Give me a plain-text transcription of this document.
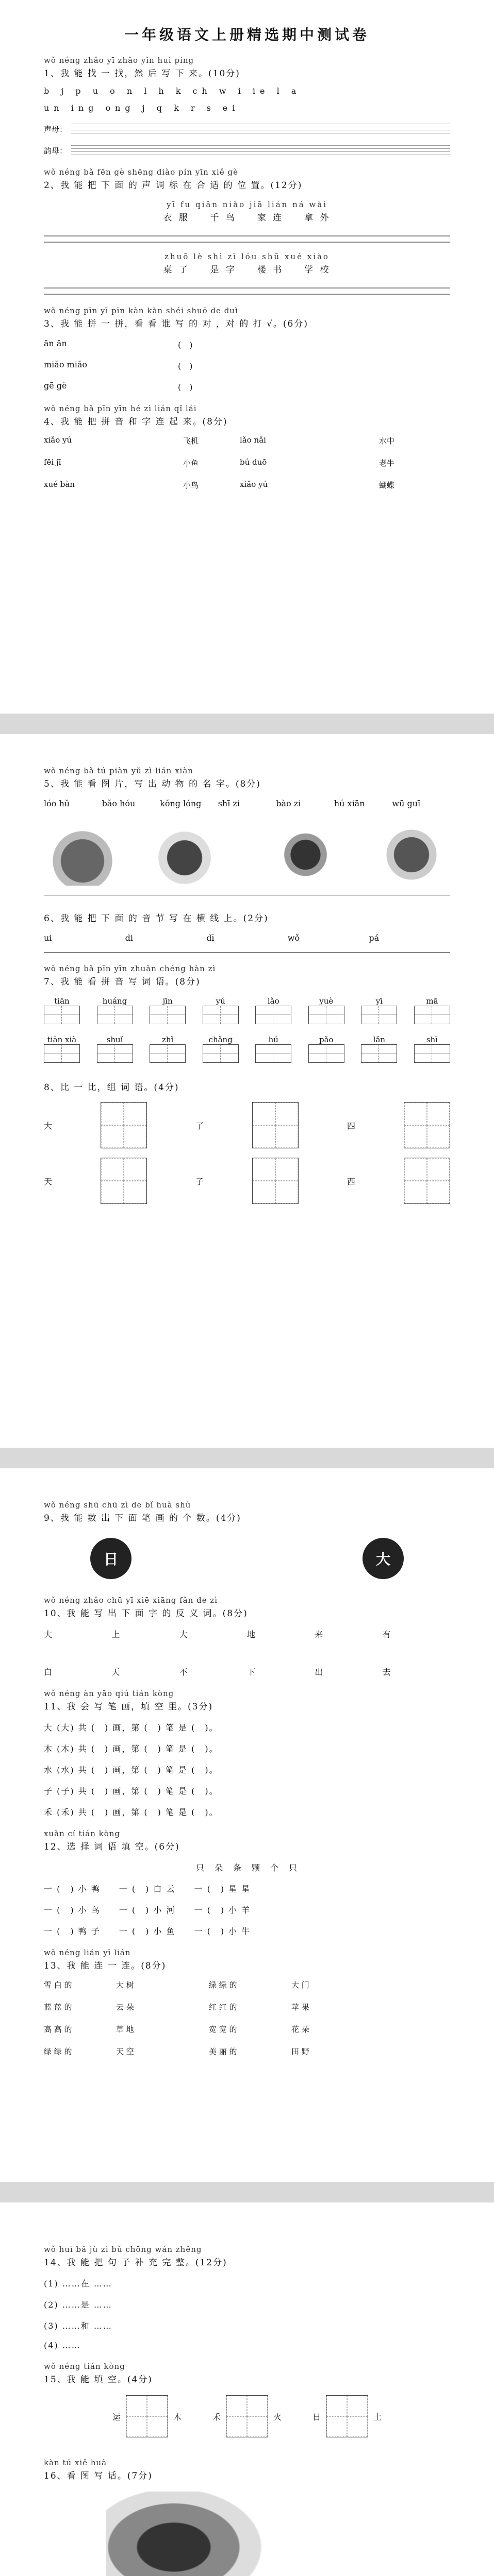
一年级语文上册精选期中测试卷
wǒ néng zhǎo yī zhǎo yǐn huì píng
1、我 能 找 一 找，然 后 写 下 来。(10分)
b j p u o n l h k ch w i ie l a
un ing ong j q k r s ei
声母：
韵母：
wǒ néng bǎ fēn gè shēng diào pín yīn xiě gè
2、我 能 把 下 面 的 声 调 标 在 合 适 的 位 置。(12分)
yī fu qiān niǎo jiā lián ná wài
衣 服 　 千 鸟 　 家 连 　 拿 外
zhuō lè shì zì lóu shū xué xiào
桌 了 　 是 字 　 楼 书 　 学 校
wǒ néng pīn yī pīn kàn kàn shéi shuō de duì
3、我 能 拼 一 拼，看 看 谁 写 的 对 ，对 的 打 √。(6分)
ān ān	(　)
miǎo miǎo	(　)
gē gè	(　)
wǒ néng bǎ pīn yīn hé zì lián qǐ lái
4、我 能 把 拼 音 和 字 连 起 来。(8分)
xiǎo yú	飞机	lǎo nǎi	水中
fēi jī	小鱼	bú duō	老牛
xué bàn	小鸟	xiǎo yú	蝴蝶
wǒ néng bǎ tú piàn yǔ zì lián xiàn
5、我 能 看 图 片，写 出 动 物 的 名 字。(8分)
lóo hǔ	bǎo hóu	kǒng lóng	shī zi	bào zi	hú xiān	wū guī
6、我 能 把 下 面 的 音 节 写 在 横 线 上。(2分)
ui	di	dī	wǒ	pá
wǒ néng bǎ pīn yīn zhuǎn chéng hàn zì
7、我 能 看 拼 音 写 词 语。(8分)
tiān	huáng	jīn	yú	lǎo	yuè	yī	mā
tiān xià	shuǐ	zhǐ	chǎng	hú	pǎo	lǎn	shī
8、比 一 比，组 词 语。(4分)
大	了	四
天	子	西
wǒ néng shū chū zì de bǐ huà shù
9、我 能 数 出 下 面 笔 画 的 个 数。(4分)
日	大
wǒ néng zhǎo chū yī xiē xiāng fǎn de zì
10、我 能 写 出 下 面 字 的 反 义 词。(8分)
大	上	大	地	来	有
白	天	不	下	出	去
wǒ néng àn yāo qiú tián kòng
11、我 会 写 笔 画，填 空 里。(3分)
大 (大) 共 (　) 画，第 (　) 笔 是 (　)。
木 (木) 共 (　) 画，第 (　) 笔 是 (　)。
水 (水) 共 (　) 画，第 (　) 笔 是 (　)。
子 (子) 共 (　) 画，第 (　) 笔 是 (　)。
禾 (禾) 共 (　) 画，第 (　) 笔 是 (　)。
xuǎn cí tián kòng
12、选 择 词 语 填 空。(6分)
只　朵　条　颗　个　只
一 (　) 小 鸭　　一 (　) 白 云　　一 (　) 星 星
一 (　) 小 鸟　　一 (　) 小 河　　一 (　) 小 羊
一 (　) 鸭 子　　一 (　) 小 鱼　　一 (　) 小 牛
wǒ néng lián yī lián
13、我 能 连 一 连。(8分)
雪 白 的	大 树	绿 绿 的	大 门
蓝 蓝 的	云 朵	红 红 的	苹 果
高 高 的	草 地	宽 宽 的	花 朵
绿 绿 的	天 空	美 丽 的	田 野
wǒ huì bǎ jù zi bǔ chōng wán zhěng
14、我 能 把 句 子 补 充 完 整。(12分)
(1) ……在 ……
(2) ……是 ……
(3) ……和 ……
(4) ……
wǒ néng tián kòng
15、我 能 填 空。(4分)
运	木	禾	火	日	土
kàn tú xiě huà
16、看 图 写 话。(7分)
